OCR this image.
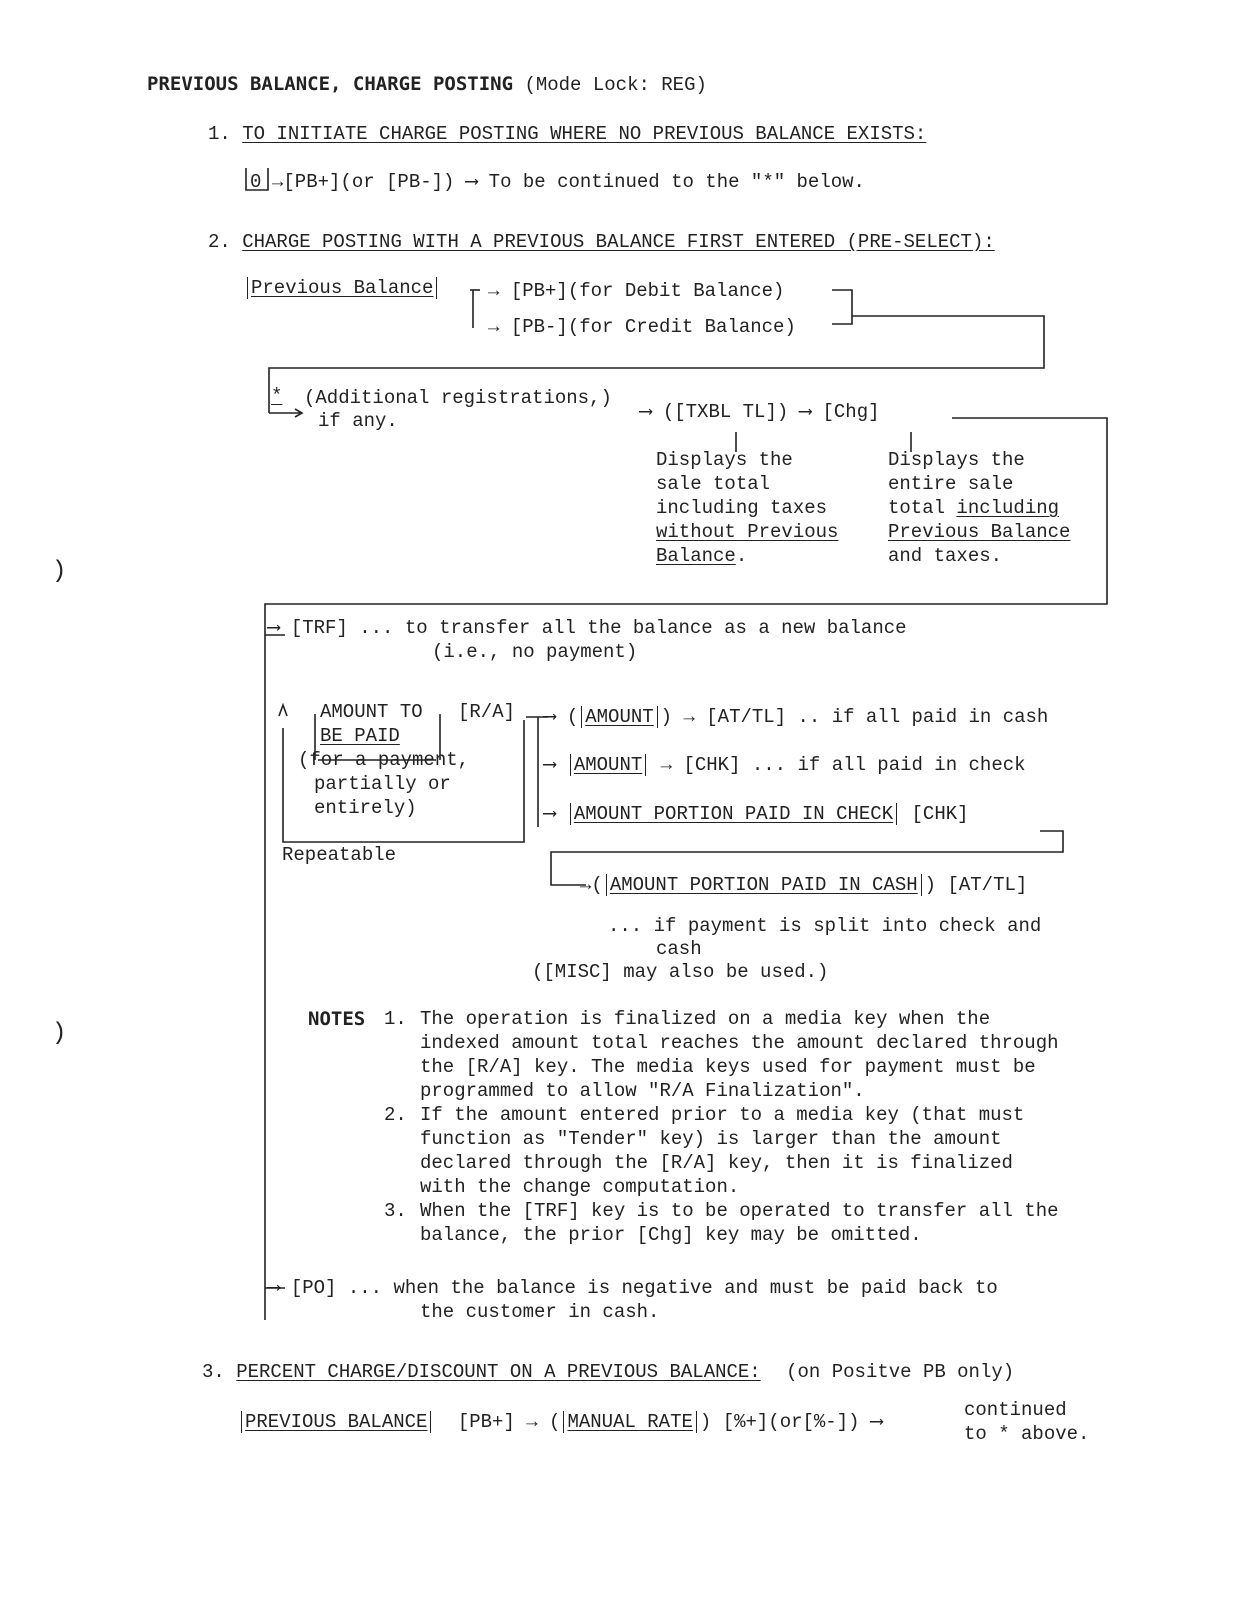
PREVIOUS BALANCE, CHARGE POSTING (Mode Lock: REG)
1. TO INITIATE CHARGE POSTING WHERE NO PREVIOUS BALANCE EXISTS:
0 →[PB+](or [PB-]) ⟶ To be continued to the "*" below.
2. CHARGE POSTING WITH A PREVIOUS BALANCE FIRST ENTERED (PRE-SELECT):
Previous Balance	→ [PB+](for Debit Balance)
→ [PB-](for Credit Balance)
* (Additional registrations,)
if any.	⟶ ([TXBL TL]) ⟶ [Chg]
Displays the
sale total
including taxes
without Previous
Balance.
Displays the
entire sale
total including
Previous Balance
and taxes.
⟶ [TRF] ... to transfer all the balance as a new balance
(i.e., no payment)
AMOUNT TO
BE PAID
[R/A]
(for a payment,
partially or
entirely)
Repeatable
⟶ ( AMOUNT ) → [AT/TL] .. if all paid in cash
⟶ AMOUNT → [CHK] ... if all paid in check
⟶ AMOUNT PORTION PAID IN CHECK [CHK]
→( AMOUNT PORTION PAID IN CASH ) [AT/TL]
... if payment is split into check and
cash
([MISC] may also be used.)
NOTES 1. The operation is finalized on a media key when the
indexed amount total reaches the amount declared through
the [R/A] key. The media keys used for payment must be
programmed to allow "R/A Finalization".
2. If the amount entered prior to a media key (that must
function as "Tender" key) is larger than the amount
declared through the [R/A] key, then it is finalized
with the change computation.
3. When the [TRF] key is to be operated to transfer all the
balance, the prior [Chg] key may be omitted.
⟶ [PO] ... when the balance is negative and must be paid back to
the customer in cash.
3. PERCENT CHARGE/DISCOUNT ON A PREVIOUS BALANCE: (on Positve PB only)
PREVIOUS BALANCE [PB+] → ( MANUAL RATE ) [%+](or[%-]) ⟶
continued
to * above.
)
)
